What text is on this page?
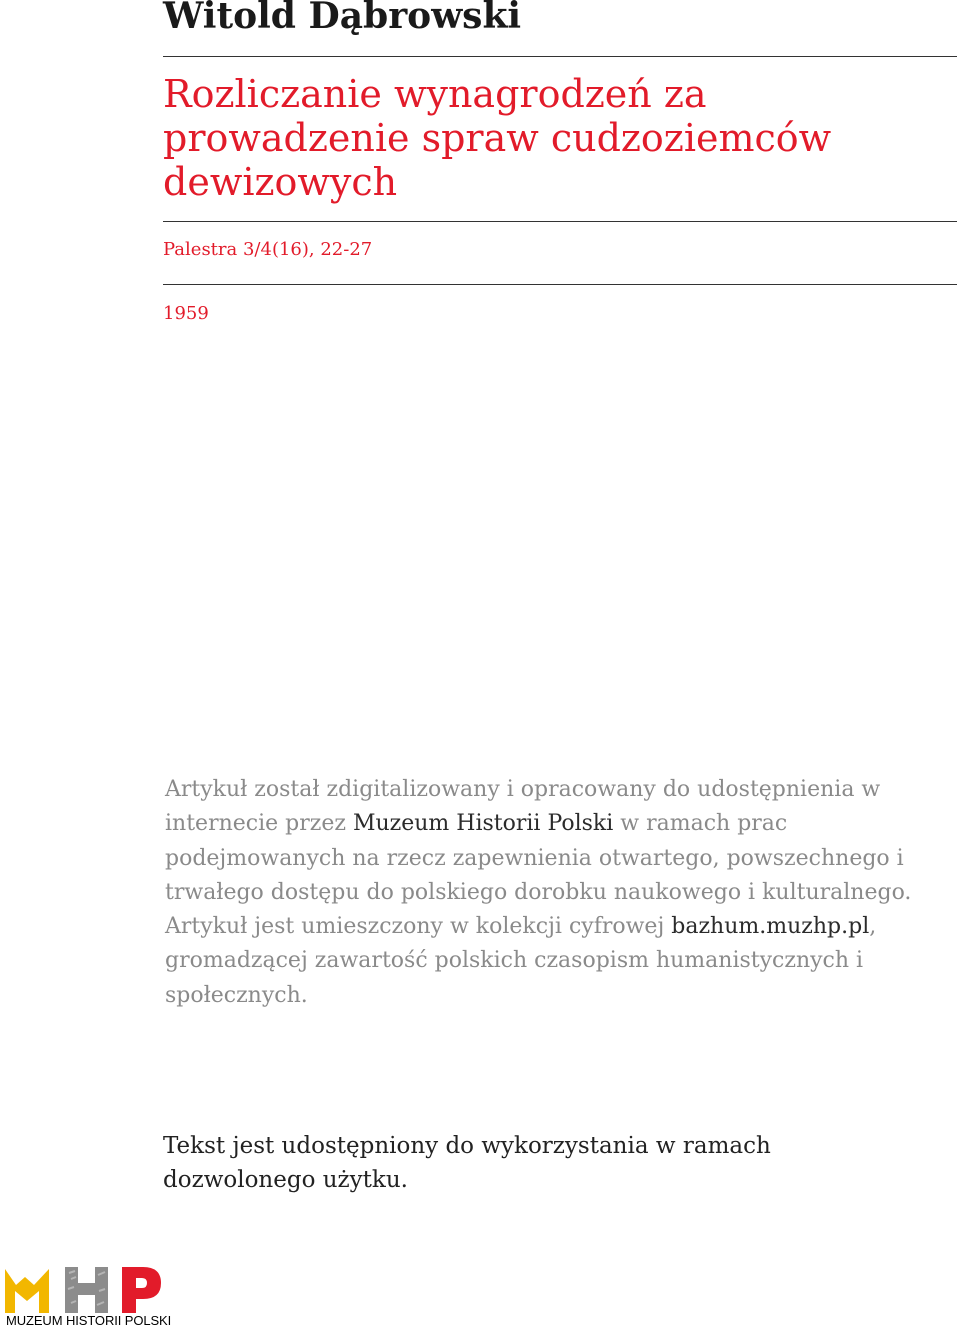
Witold Dąbrowski
Rozliczanie wynagrodzeń za prowadzenie spraw cudzoziemców dewizowych
Palestra 3/4(16), 22-27
1959

Artykuł został zdigitalizowany i opracowany do udostępnienia w internecie przez Muzeum Historii Polski w ramach prac podejmowanych na rzecz zapewnienia otwartego, powszechnego i trwałego dostępu do polskiego dorobku naukowego i kulturalnego. Artykuł jest umieszczony w kolekcji cyfrowej bazhum.muzhp.pl, gromadzącej zawartość polskich czasopism humanistycznych i społecznych.

Tekst jest udostępniony do wykorzystania w ramach dozwolonego użytku.

MUZEUM HISTORII POLSKI
